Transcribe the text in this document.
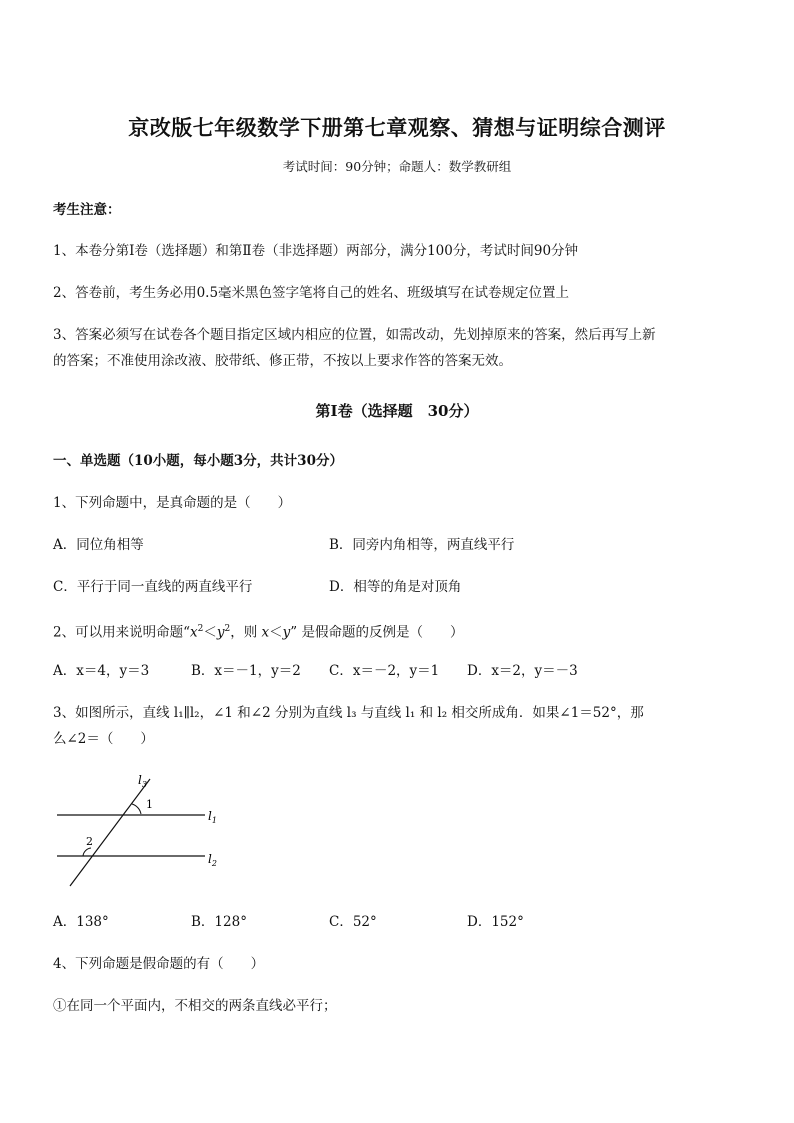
京改版七年级数学下册第七章观察、猜想与证明综合测评
考试时间：90分钟；命题人：数学教研组
考生注意：
1、本卷分第Ⅰ卷（选择题）和第Ⅱ卷（非选择题）两部分，满分100分，考试时间90分钟
2、答卷前，考生务必用0.5毫米黑色签字笔将自己的姓名、班级填写在试卷规定位置上
3、答案必须写在试卷各个题目指定区域内相应的位置，如需改动，先划掉原来的答案，然后再写上新
的答案；不准使用涂改液、胶带纸、修正带，不按以上要求作答的答案无效。
第Ⅰ卷（选择题　30分）
一、单选题（10小题，每小题3分，共计30分）
1、下列命题中，是真命题的是（　　）
A．同位角相等	B．同旁内角相等，两直线平行
C．平行于同一直线的两直线平行	D．相等的角是对顶角
2、可以用来说明命题“$x^2<y^2$，则 x＜y” 是假命题的反例是（　　）
A．x＝4，y＝3	B．x＝－1，y＝2 C．x＝－2，y＝1 D．x＝2，y＝－3
3、如图所示，直线 l₁∥l₂，∠1 和∠2 分别为直线 l₃ 与直线 l₁ 和 l₂ 相交所成角．如果∠1＝52°，那
么∠2＝（　　）
$l_3$
$l_1$
$l_2$
1
2
A．138°	B．128°	C．52°	D．152°
4、下列命题是假命题的有（　　）
①在同一个平面内，不相交的两条直线必平行；
